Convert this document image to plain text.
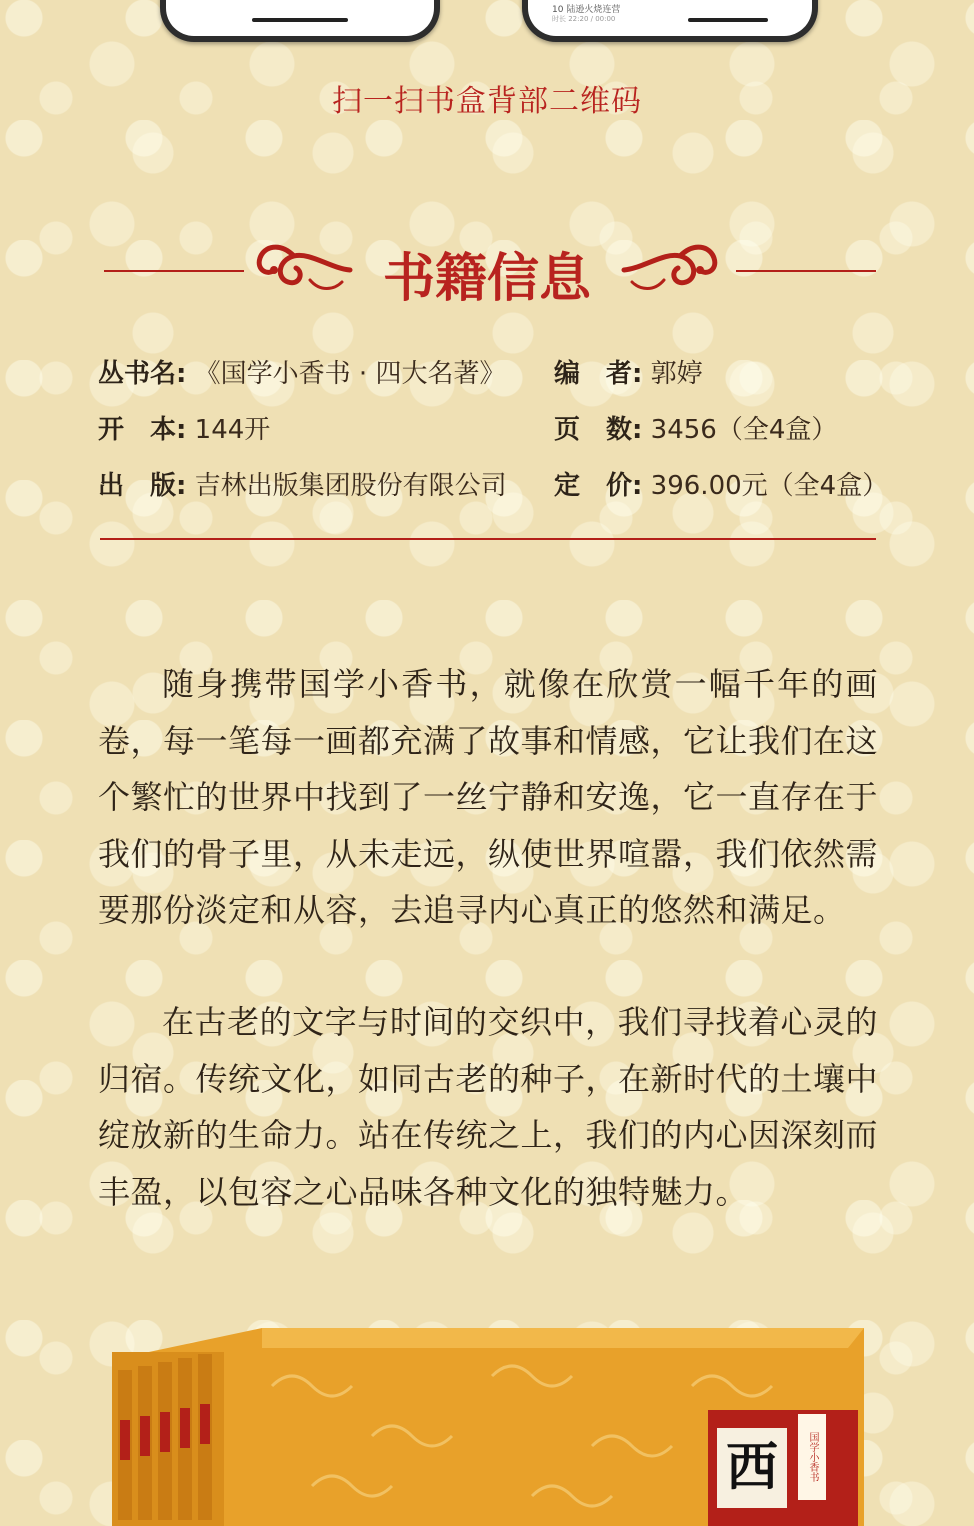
10 陆逊火烧连营
时长 22:20 / 00:00
扫一扫书盒背部二维码
书籍信息
丛书名: 《国学小香书 · 四大名著》 编　者: 郭婷
开　本: 144开	页　数: 3456（全4盒）
出　版: 吉林出版集团股份有限公司 定　价: 396.00元（全4盒）

随身携带国学小香书，就像在欣赏一幅千年的画卷，每一笔每一画都充满了故事和情感，它让我们在这个繁忙的世界中找到了一丝宁静和安逸，它一直存在于我们的骨子里，从未走远，纵使世界喧嚣，我们依然需要那份淡定和从容，去追寻内心真正的悠然和满足。

在古老的文字与时间的交织中，我们寻找着心灵的归宿。传统文化，如同古老的种子，在新时代的土壤中绽放新的生命力。站在传统之上，我们的内心因深刻而丰盈，以包容之心品味各种文化的独特魅力。

西	国学小香书
